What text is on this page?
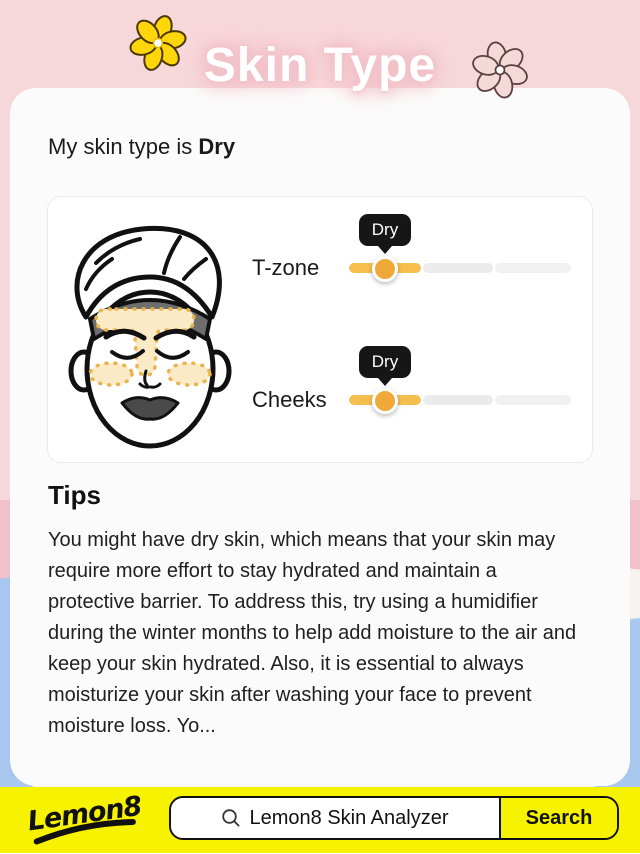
Skin Type
My skin type is Dry
Dry
T-zone
Dry
Cheeks
Tips
You might have dry skin, which means that your skin may require more effort to stay hydrated and maintain a protective barrier. To address this, try using a humidifier during the winter months to help add moisture to the air and keep your skin hydrated. Also, it is essential to always moisturize your skin after washing your face to prevent moisture loss. Yo...
Lemon8	Lemon8 Skin Analyzer	Search
